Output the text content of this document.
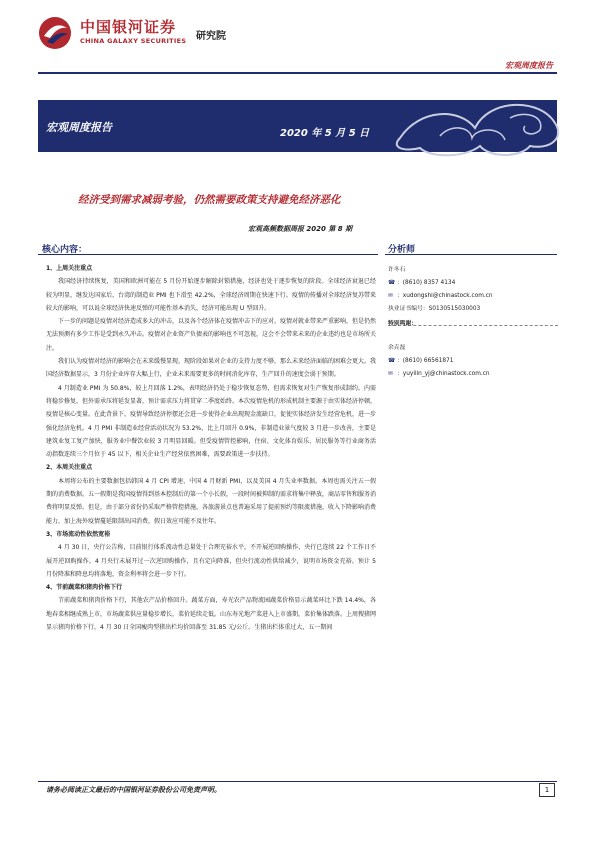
中国银河证券
CHINA GALAXY SECURITIES 研究院
宏观周度报告
宏观周度报告	2020 年 5 月 5 日
经济受到需求减弱考验，仍然需要政策支持避免经济恶化
宏观高频数据周报 2020 第 8 期
核心内容：	分析师
1、上周关注重点

我国经济持续恢复，美国和欧洲可能在 5 月份开始逐步解除封锁措施，经济也处于逐步恢复的阶段。全球经济衰退已经较为明显，继发达国家后，台湾的制造业 PMI 也下滑至 42.2%，全球经济周期在快速下行。疫情的传播对全球经济复苏带来较大的影响，可以说全球经济快速反弹的可能性基本消失，经济可能出现 U 型回升。

下一步的问题是疫情对经济造成多大的冲击，以及各个经济体在疫情冲击下的应对。疫情对就业带来严重影响，但是仍然无法预测有多少工作是受到永久冲击。疫情对企业资产负债表的影响也不可忽视，这会不会带来未来的企业违约也是市场所关注。

我们认为疫情对经济的影响会在未来缓慢显现，现阶段如果对企业的支持力度不够，那么未来经济面临的困难会更大。我国经济数据显示，3 月份企业库存大幅上行，企业未来需要更多的时间消化库存，生产回升的速度会弱于预期。

4 月制造业 PMI 为 50.8%，较上月回落 1.2%，表明经济仍处于稳步恢复态势，但需求恢复对生产恢复形成制约。内需将稳步修复，但外需承压将延发显著，预计需求压力将贯穿二季度始终。本次疫情危机的形成机制主要源于由实体经济停顿，疫情是核心变量。在此背景下，疫情导致经济停摆还会进一步使得企业出现现金流缺口，促使实体经济发生经营危机，进一步强化经济危机。4 月 PMI 非制造业经营活动状况为 53.2%，比上月回升 0.9%，非制造业景气度较 3 月进一步改善，主要是建筑业复工复产加快，服务业中餐饮业较 3 月明显回暖。但受疫情管控影响，住宿、文化体育娱乐、居民服务等行业商务活动指数连续三个月位于 45 以下，相关企业生产经营依然困难，需要政策进一步扶持。

2、本周关注重点

本周将公布的主要数据包括韩国 4 月 CPI 增速、中国 4 月财新 PMI，以及美国 4 月失业率数据。本周也需关注五一假期的消费数据。五一假期是我国疫情得到基本控制后的第一个小长假，一段时间被抑制的需求将集中释放，商品零售和服务消费将明显反弹。但是，由于部分省份仍采取严格管控措施，各旅游景点也普遍采用了提前预约等限流措施，收入下降影响消费能力，加上海外疫情蔓延限制出国消费，假日效应可能不及往年。

3、市场流动性依然宽裕

4 月 30 日，央行公告称，目前银行体系流动性总量处于合理充裕水平，不开展逆回购操作，央行已连续 22 个工作日不展开逆回购操作。4 月央行未展开过一次逆回购操作，且有定向降准，但央行流动性供给减少，说明市场资金充裕。预计 5 月份降准和降息均将落地，资金利率将会进一步下行。

4、节前蔬菜和猪肉价格下行

节前蔬菜和猪肉价格下行，其他农产品价格回升。蔬菜方面，寿光农产品物流园蔬菜价格显示蔬菜环比下跌 14.4%，各地春菜相继成熟上市，市场蔬菜供应量稳步增长，菜价延续走低。山东寿光地产菜进入上市盛期，菜价集体跌落。上周搜猪网显示猪肉价格下行，4 月 30 日全国瘦肉型猪出栏均价回落至 31.85 元/公斤。生猪出栏体重过大，五一期间

许冬石
☎ ：(8610) 8357 4134
✉ ：xudongshi@chinastock.com.cn
执业证书编号：S0130515030003
特别鸣谢：
余垚磊
☎ ：(8610) 66561871
✉ ：yuyilin_yj@chinastock.com.cn
请务必阅读正文最后的中国银河证券股份公司免责声明。	1
